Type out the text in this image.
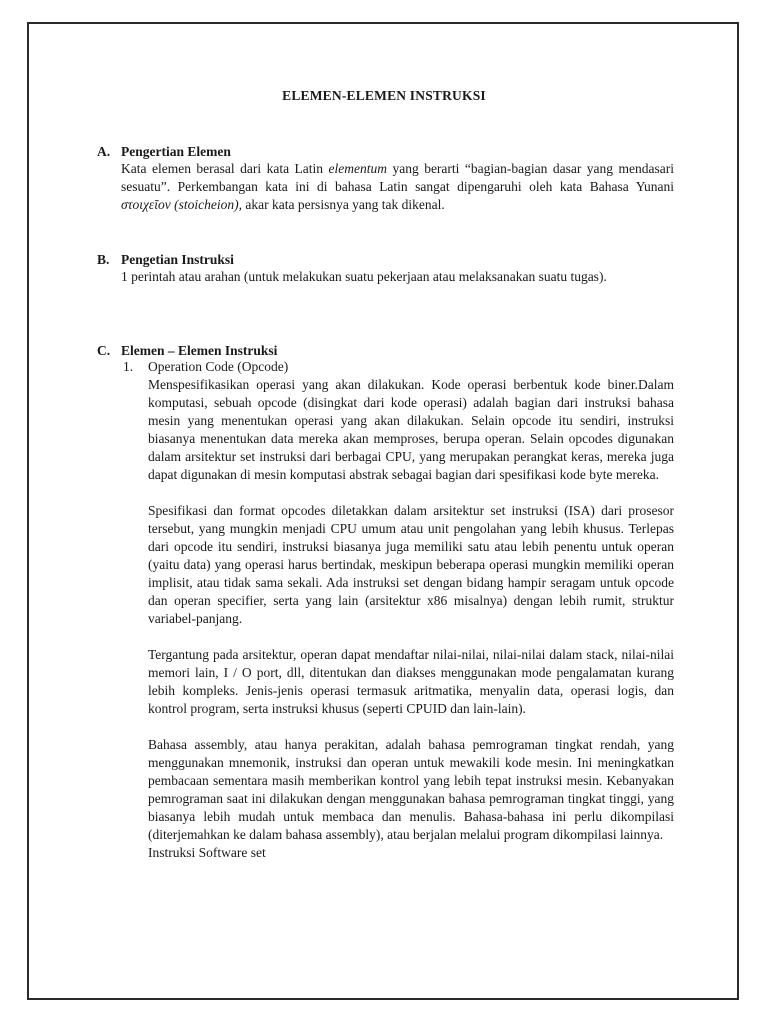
ELEMEN-ELEMEN INSTRUKSI
A. Pengertian Elemen

Kata elemen berasal dari kata Latin elementum yang berarti “bagian-bagian dasar yang mendasari sesuatu”. Perkembangan kata ini di bahasa Latin sangat dipengaruhi oleh kata Bahasa Yunani στοιχεῖον (stoicheion), akar kata persisnya yang tak dikenal.

B. Pengetian Instruksi

1 perintah atau arahan (untuk melakukan suatu pekerjaan atau melaksanakan suatu tugas).

C. Elemen – Elemen Instruksi
1.	Operation Code (Opcode)

Menspesifikasikan operasi yang akan dilakukan. Kode operasi berbentuk kode biner.Dalam komputasi, sebuah opcode (disingkat dari kode operasi) adalah bagian dari instruksi bahasa mesin yang menentukan operasi yang akan dilakukan. Selain opcode itu sendiri, instruksi biasanya menentukan data mereka akan memproses, berupa operan. Selain opcodes digunakan dalam arsitektur set instruksi dari berbagai CPU, yang merupakan perangkat keras, mereka juga dapat digunakan di mesin komputasi abstrak sebagai bagian dari spesifikasi kode byte mereka.

Spesifikasi dan format opcodes diletakkan dalam arsitektur set instruksi (ISA) dari prosesor tersebut, yang mungkin menjadi CPU umum atau unit pengolahan yang lebih khusus. Terlepas dari opcode itu sendiri, instruksi biasanya juga memiliki satu atau lebih penentu untuk operan (yaitu data) yang operasi harus bertindak, meskipun beberapa operasi mungkin memiliki operan implisit, atau tidak sama sekali. Ada instruksi set dengan bidang hampir seragam untuk opcode dan operan specifier, serta yang lain (arsitektur x86 misalnya) dengan lebih rumit, struktur variabel-panjang.

Tergantung pada arsitektur, operan dapat mendaftar nilai-nilai, nilai-nilai dalam stack, nilai-nilai memori lain, I / O port, dll, ditentukan dan diakses menggunakan mode pengalamatan kurang lebih kompleks. Jenis-jenis operasi termasuk aritmatika, menyalin data, operasi logis, dan kontrol program, serta instruksi khusus (seperti CPUID dan lain-lain).

Bahasa assembly, atau hanya perakitan, adalah bahasa pemrograman tingkat rendah, yang menggunakan mnemonik, instruksi dan operan untuk mewakili kode mesin. Ini meningkatkan pembacaan sementara masih memberikan kontrol yang lebih tepat instruksi mesin. Kebanyakan pemrograman saat ini dilakukan dengan menggunakan bahasa pemrograman tingkat tinggi, yang biasanya lebih mudah untuk membaca dan menulis. Bahasa-bahasa ini perlu dikompilasi (diterjemahkan ke dalam bahasa assembly), atau berjalan melalui program dikompilasi lainnya.

Instruksi Software set
